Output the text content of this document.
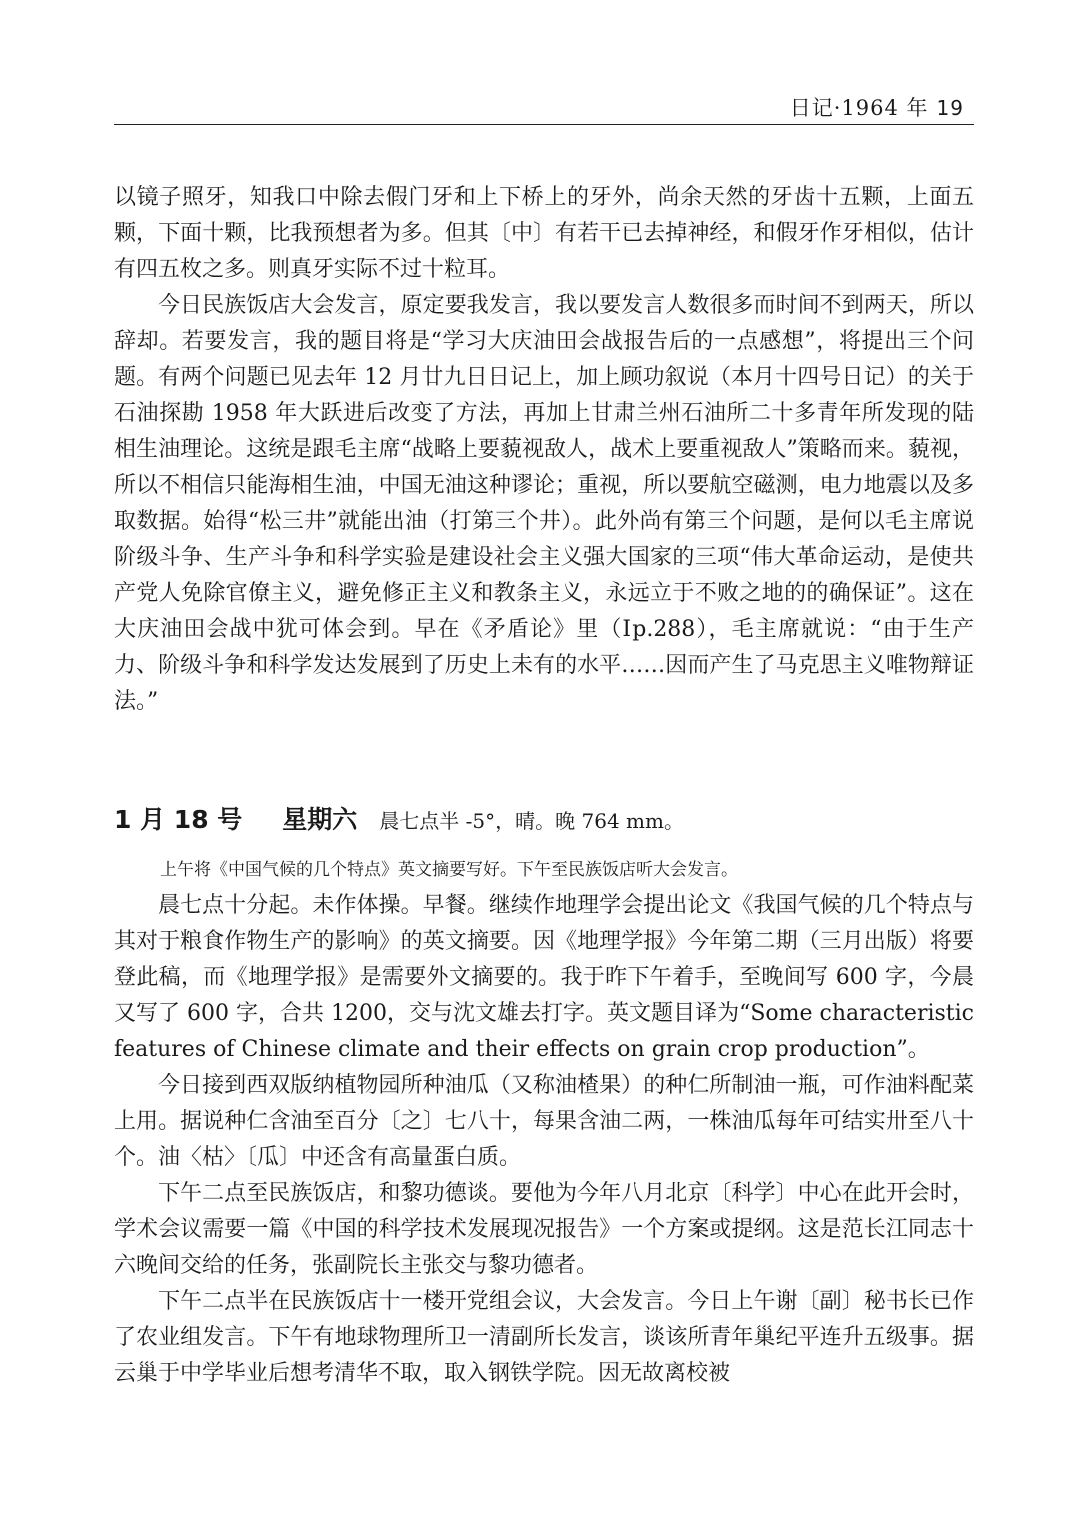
日记·1964 年 19

以镜子照牙，知我口中除去假门牙和上下桥上的牙外，尚余天然的牙齿十五颗，上面五颗，下面十颗，比我预想者为多。但其〔中〕有若干已去掉神经，和假牙作牙相似，估计有四五枚之多。则真牙实际不过十粒耳。

今日民族饭店大会发言，原定要我发言，我以要发言人数很多而时间不到两天，所以辞却。若要发言，我的题目将是“学习大庆油田会战报告后的一点感想”，将提出三个问题。有两个问题已见去年 12 月廿九日日记上，加上顾功叙说（本月十四号日记）的关于石油探勘 1958 年大跃进后改变了方法，再加上甘肃兰州石油所二十多青年所发现的陆相生油理论。这统是跟毛主席“战略上要藐视敌人，战术上要重视敌人”策略而来。藐视，所以不相信只能海相生油，中国无油这种谬论；重视，所以要航空磁测，电力地震以及多取数据。始得“松三井”就能出油（打第三个井）。此外尚有第三个问题，是何以毛主席说阶级斗争、生产斗争和科学实验是建设社会主义强大国家的三项“伟大革命运动，是使共产党人免除官僚主义，避免修正主义和教条主义，永远立于不败之地的的确保证”。这在大庆油田会战中犹可体会到。早在《矛盾论》里（Ⅰp.288），毛主席就说：“由于生产力、阶级斗争和科学发达发展到了历史上未有的水平……因而产生了马克思主义唯物辩证法。”

1 月 18 号 星期六 晨七点半 -5°，晴。晚 764 mm。
上午将《中国气候的几个特点》英文摘要写好。下午至民族饭店听大会发言。

晨七点十分起。未作体操。早餐。继续作地理学会提出论文《我国气候的几个特点与其对于粮食作物生产的影响》的英文摘要。因《地理学报》今年第二期（三月出版）将要登此稿，而《地理学报》是需要外文摘要的。我于昨下午着手，至晚间写 600 字，今晨又写了 600 字，合共 1200，交与沈文雄去打字。英文题目译为“Some characteristic features of Chinese climate and their effects on grain crop production”。

今日接到西双版纳植物园所种油瓜（又称油楂果）的种仁所制油一瓶，可作油料配菜上用。据说种仁含油至百分〔之〕七八十，每果含油二两，一株油瓜每年可结实卅至八十个。油〈枯〉〔瓜〕中还含有高量蛋白质。

下午二点至民族饭店，和黎功德谈。要他为今年八月北京〔科学〕中心在此开会时，学术会议需要一篇《中国的科学技术发展现况报告》一个方案或提纲。这是范长江同志十六晚间交给的任务，张副院长主张交与黎功德者。

下午二点半在民族饭店十一楼开党组会议，大会发言。今日上午谢〔副〕秘书长已作了农业组发言。下午有地球物理所卫一清副所长发言，谈该所青年巢纪平连升五级事。据云巢于中学毕业后想考清华不取，取入钢铁学院。因无故离校被
